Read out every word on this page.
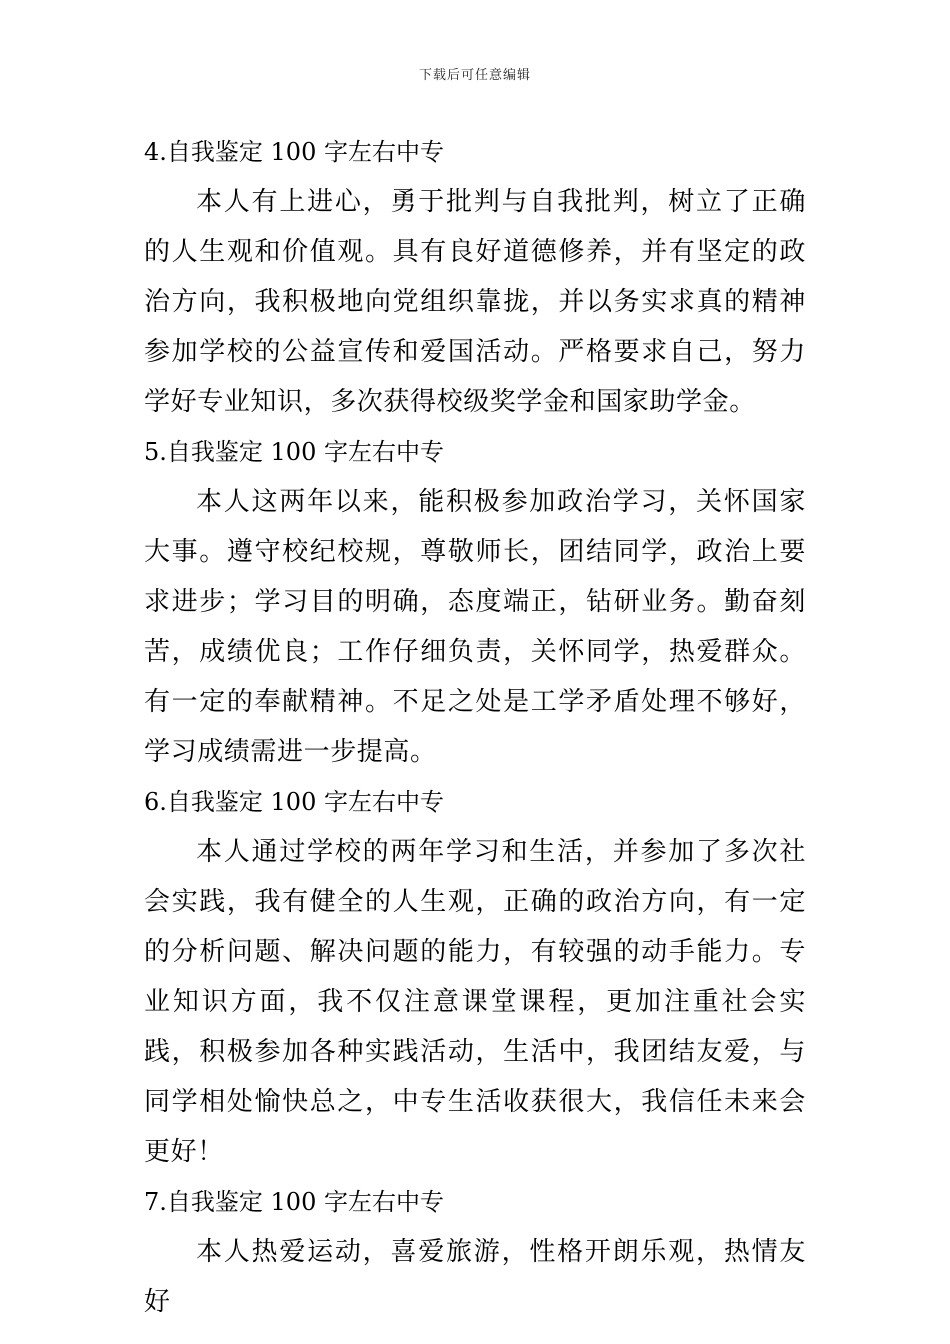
下载后可任意编辑

4.自我鉴定 100 字左右中专

本人有上进心，勇于批判与自我批判，树立了正确的人生观和价值观。具有良好道德修养，并有坚定的政治方向，我积极地向党组织靠拢，并以务实求真的精神参加学校的公益宣传和爱国活动。严格要求自己，努力学好专业知识，多次获得校级奖学金和国家助学金。

5.自我鉴定 100 字左右中专

本人这两年以来，能积极参加政治学习，关怀国家大事。遵守校纪校规，尊敬师长，团结同学，政治上要求进步；学习目的明确，态度端正，钻研业务。勤奋刻苦，成绩优良；工作仔细负责，关怀同学，热爱群众。有一定的奉献精神。不足之处是工学矛盾处理不够好，学习成绩需进一步提高。

6.自我鉴定 100 字左右中专

本人通过学校的两年学习和生活，并参加了多次社会实践，我有健全的人生观，正确的政治方向，有一定的分析问题、解决问题的能力，有较强的动手能力。专业知识方面，我不仅注意课堂课程，更加注重社会实践，积极参加各种实践活动，生活中，我团结友爱，与同学相处愉快总之，中专生活收获很大，我信任未来会更好！

7.自我鉴定 100 字左右中专

本人热爱运动，喜爱旅游，性格开朗乐观，热情友好
